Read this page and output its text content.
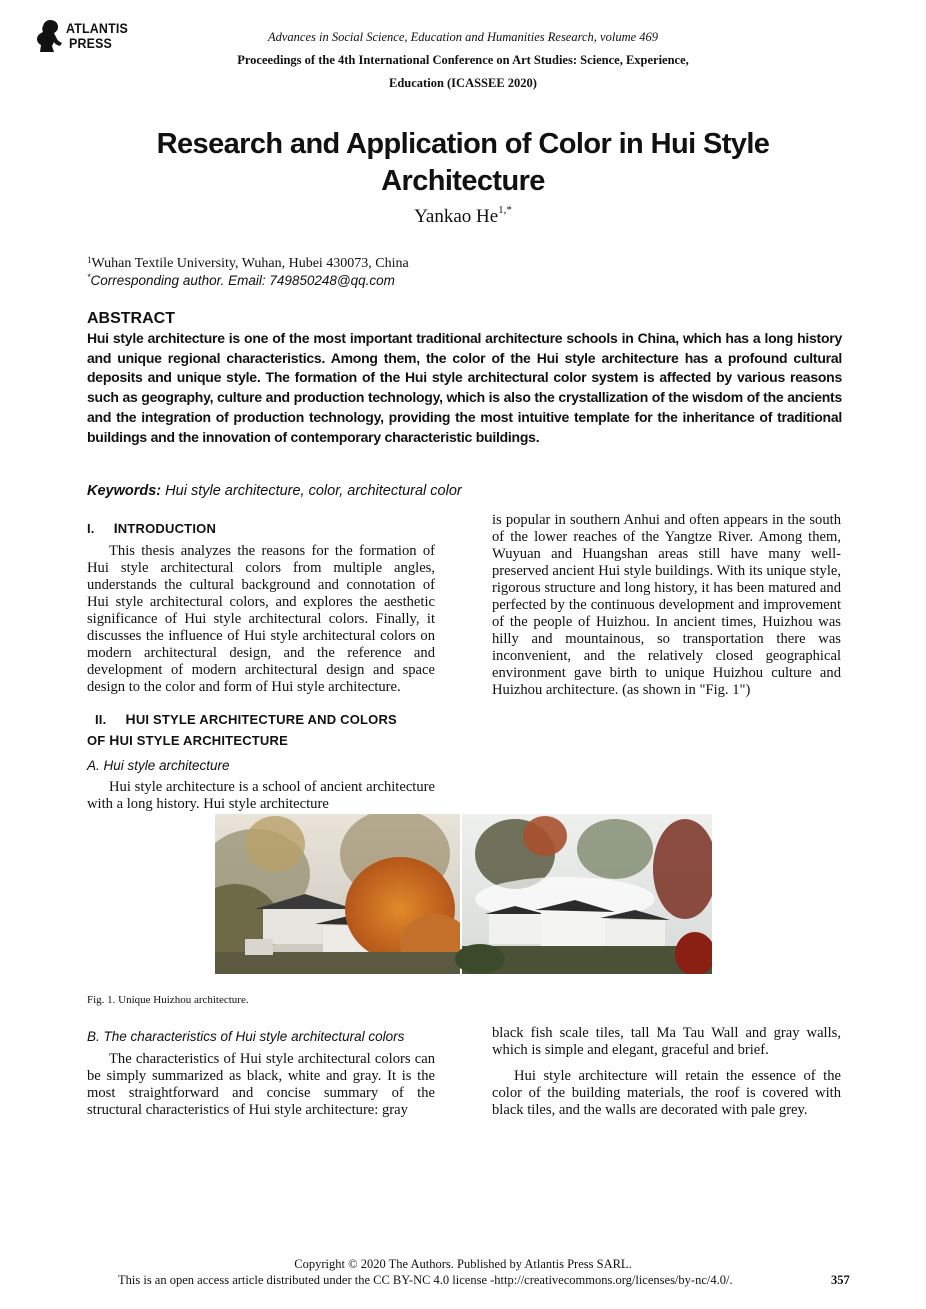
ATLANTIS
PRESS	Advances in Social Science, Education and Humanities Research, volume 469
Proceedings of the 4th International Conference on Art Studies: Science, Experience,
Education (ICASSEE 2020)
Research and Application of Color in Hui Style
Architecture
Yankao $He^{1,*}$
$^1$Wuhan Textile University, Wuhan, Hubei 430073, China
*Corresponding author. Email: 749850248@qq.com
ABSTRACT
Hui style architecture is one of the most important traditional architecture schools in China, which has a long history and unique regional characteristics. Among them, the color of the Hui style architecture has a profound cultural deposits and unique style. The formation of the Hui style architectural color system is affected by various reasons such as geography, culture and production technology, which is also the crystallization of the wisdom of the ancients and the integration of production technology, providing the most intuitive template for the inheritance of traditional buildings and the innovation of contemporary characteristic buildings.
Keywords: Hui style architecture, color, architectural color
I. INTRODUCTION
This thesis analyzes the reasons for the formation of Hui style architectural colors from multiple angles, understands the cultural background and connotation of Hui style architectural colors, and explores the aesthetic significance of Hui style architectural colors. Finally, it discusses the influence of Hui style architectural colors on modern architectural design, and the reference and development of modern architectural design and space design to the color and form of Hui style architecture.
II. HUI STYLE ARCHITECTURE AND COLORS
OF HUI STYLE ARCHITECTURE
A. Hui style architecture
Hui style architecture is a school of ancient architecture with a long history. Hui style architecture
is popular in southern Anhui and often appears in the south of the lower reaches of the Yangtze River. Among them, Wuyuan and Huangshan areas still have many well-preserved ancient Hui style buildings. With its unique style, rigorous structure and long history, it has been matured and perfected by the continuous development and improvement of the people of Huizhou. In ancient times, Huizhou was hilly and mountainous, so transportation there was inconvenient, and the relatively closed geographical environment gave birth to unique Huizhou culture and Huizhou architecture. (as shown in "Fig. 1")
Fig. 1. Unique Huizhou architecture.
B. The characteristics of Hui style architectural colors
The characteristics of Hui style architectural colors can be simply summarized as black, white and gray. It is the most straightforward and concise summary of the structural characteristics of Hui style architecture: gray
black fish scale tiles, tall Ma Tau Wall and gray walls, which is simple and elegant, graceful and brief.
Hui style architecture will retain the essence of the color of the building materials, the roof is covered with black tiles, and the walls are decorated with pale grey.
Copyright © 2020 The Authors. Published by Atlantis Press SARL.
This is an open access article distributed under the CC BY-NC 4.0 license -http://creativecommons.org/licenses/by-nc/4.0/.	357
